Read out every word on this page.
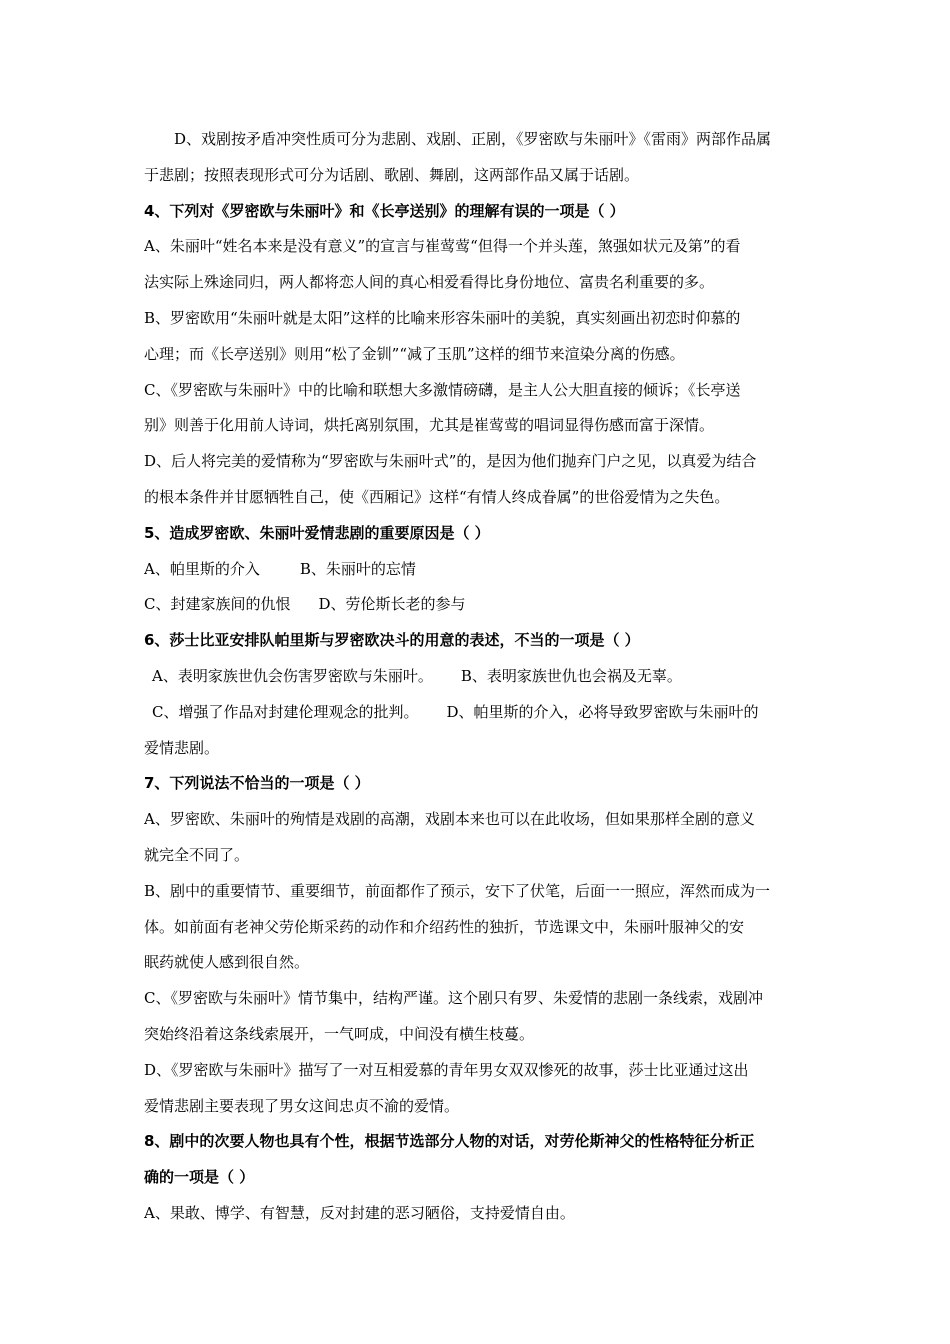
D、戏剧按矛盾冲突性质可分为悲剧、戏剧、正剧，《罗密欧与朱丽叶》《雷雨》两部作品属
于悲剧；按照表现形式可分为话剧、歌剧、舞剧，这两部作品又属于话剧。
4、下列对《罗密欧与朱丽叶》和《长亭送别》的理解有误的一项是（ ）
A、朱丽叶“姓名本来是没有意义”的宣言与崔莺莺“但得一个并头莲，煞强如状元及第”的看
法实际上殊途同归，两人都将恋人间的真心相爱看得比身份地位、富贵名利重要的多。
B、罗密欧用“朱丽叶就是太阳”这样的比喻来形容朱丽叶的美貌，真实刻画出初恋时仰慕的
心理；而《长亭送别》则用“松了金钏”“减了玉肌”这样的细节来渲染分离的伤感。
C、《罗密欧与朱丽叶》中的比喻和联想大多激情磅礴，是主人公大胆直接的倾诉；《长亭送
别》则善于化用前人诗词，烘托离别氛围，尤其是崔莺莺的唱词显得伤感而富于深情。
D、后人将完美的爱情称为“罗密欧与朱丽叶式”的，是因为他们抛弃门户之见，以真爱为结合
的根本条件并甘愿牺牲自己，使《西厢记》这样“有情人终成眷属”的世俗爱情为之失色。
5、造成罗密欧、朱丽叶爱情悲剧的重要原因是（ ）
A、帕里斯的介入	B、朱丽叶的忘情
C、封建家族间的仇恨 D、劳伦斯长老的参与
6、莎士比亚安排队帕里斯与罗密欧决斗的用意的表述，不当的一项是（ ）
A、表明家族世仇会伤害罗密欧与朱丽叶。 B、表明家族世仇也会祸及无辜。
C、增强了作品对封建伦理观念的批判。 D、帕里斯的介入，必将导致罗密欧与朱丽叶的
爱情悲剧。
7、下列说法不恰当的一项是（ ）
A、罗密欧、朱丽叶的殉情是戏剧的高潮，戏剧本来也可以在此收场，但如果那样全剧的意义
就完全不同了。
B、剧中的重要情节、重要细节，前面都作了预示，安下了伏笔，后面一一照应，浑然而成为一
体。如前面有老神父劳伦斯采药的动作和介绍药性的独折，节选课文中，朱丽叶服神父的安
眠药就使人感到很自然。
C、《罗密欧与朱丽叶》情节集中，结构严谨。这个剧只有罗、朱爱情的悲剧一条线索，戏剧冲
突始终沿着这条线索展开，一气呵成，中间没有横生枝蔓。
D、《罗密欧与朱丽叶》描写了一对互相爱慕的青年男女双双惨死的故事，莎士比亚通过这出
爱情悲剧主要表现了男女这间忠贞不渝的爱情。
8、剧中的次要人物也具有个性，根据节选部分人物的对话，对劳伦斯神父的性格特征分析正
确的一项是（ ）
A、果敢、博学、有智慧，反对封建的恶习陋俗，支持爱情自由。
